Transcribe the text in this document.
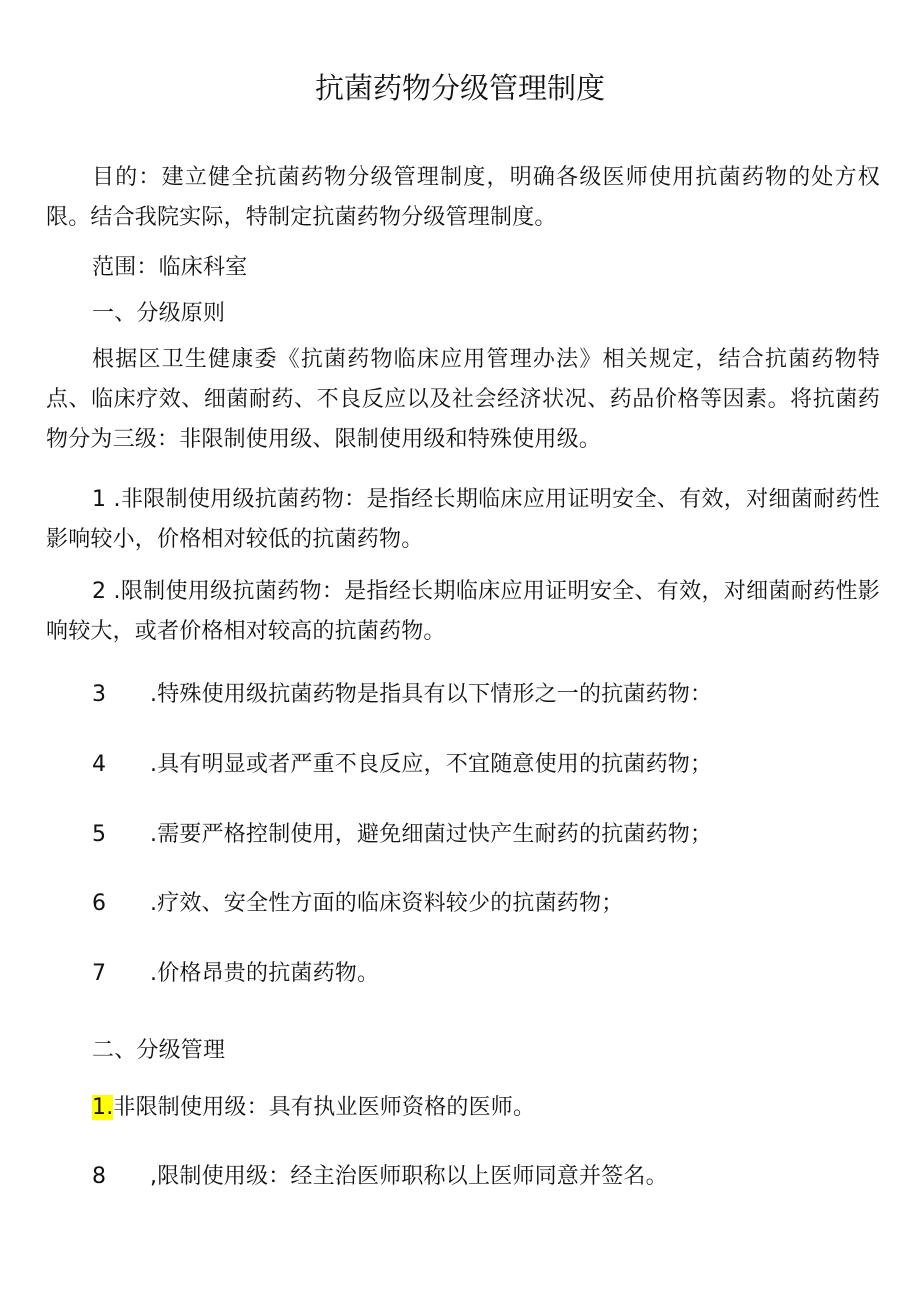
抗菌药物分级管理制度
目的：建立健全抗菌药物分级管理制度，明确各级医师使用抗菌药物的处方权限。结合我院实际，特制定抗菌药物分级管理制度。
范围：临床科室
一、分级原则
根据区卫生健康委《抗菌药物临床应用管理办法》相关规定，结合抗菌药物特点、临床疗效、细菌耐药、不良反应以及社会经济状况、药品价格等因素。将抗菌药物分为三级：非限制使用级、限制使用级和特殊使用级。
1 .非限制使用级抗菌药物：是指经长期临床应用证明安全、有效，对细菌耐药性影响较小，价格相对较低的抗菌药物。
2 .限制使用级抗菌药物：是指经长期临床应用证明安全、有效，对细菌耐药性影响较大，或者价格相对较高的抗菌药物。
3 .特殊使用级抗菌药物是指具有以下情形之一的抗菌药物：
4 .具有明显或者严重不良反应，不宜随意使用的抗菌药物；
5 .需要严格控制使用，避免细菌过快产生耐药的抗菌药物；
6 .疗效、安全性方面的临床资料较少的抗菌药物；
7 .价格昂贵的抗菌药物。
二、分级管理
1.非限制使用级：具有执业医师资格的医师。
8 ,限制使用级：经主治医师职称以上医师同意并签名。
